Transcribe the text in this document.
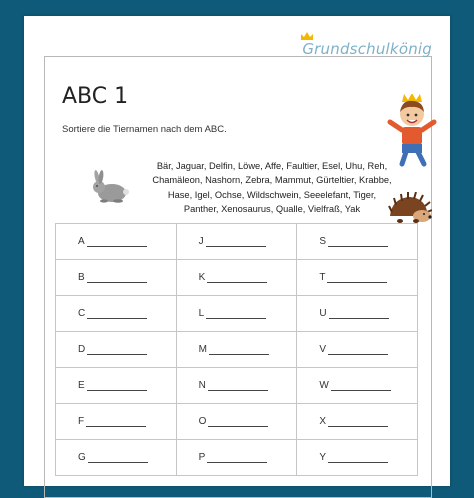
Grundschulkönig
ABC 1
Sortiere die Tiernamen nach dem ABC.
Bär, Jaguar, Delfin, Löwe, Affe, Faultier, Esel, Uhu, Reh,
Chamäleon, Nashorn, Zebra, Mammut, Gürteltier, Krabbe,
Hase, Igel, Ochse, Wildschwein, Seeelefant, Tiger,
Panther, Xenosaurus, Qualle, Vielfraß, Yak
A	J	S

B	K	T

C	L	U

D	M	V

E	N	W

F	O	X

G	P	Y
